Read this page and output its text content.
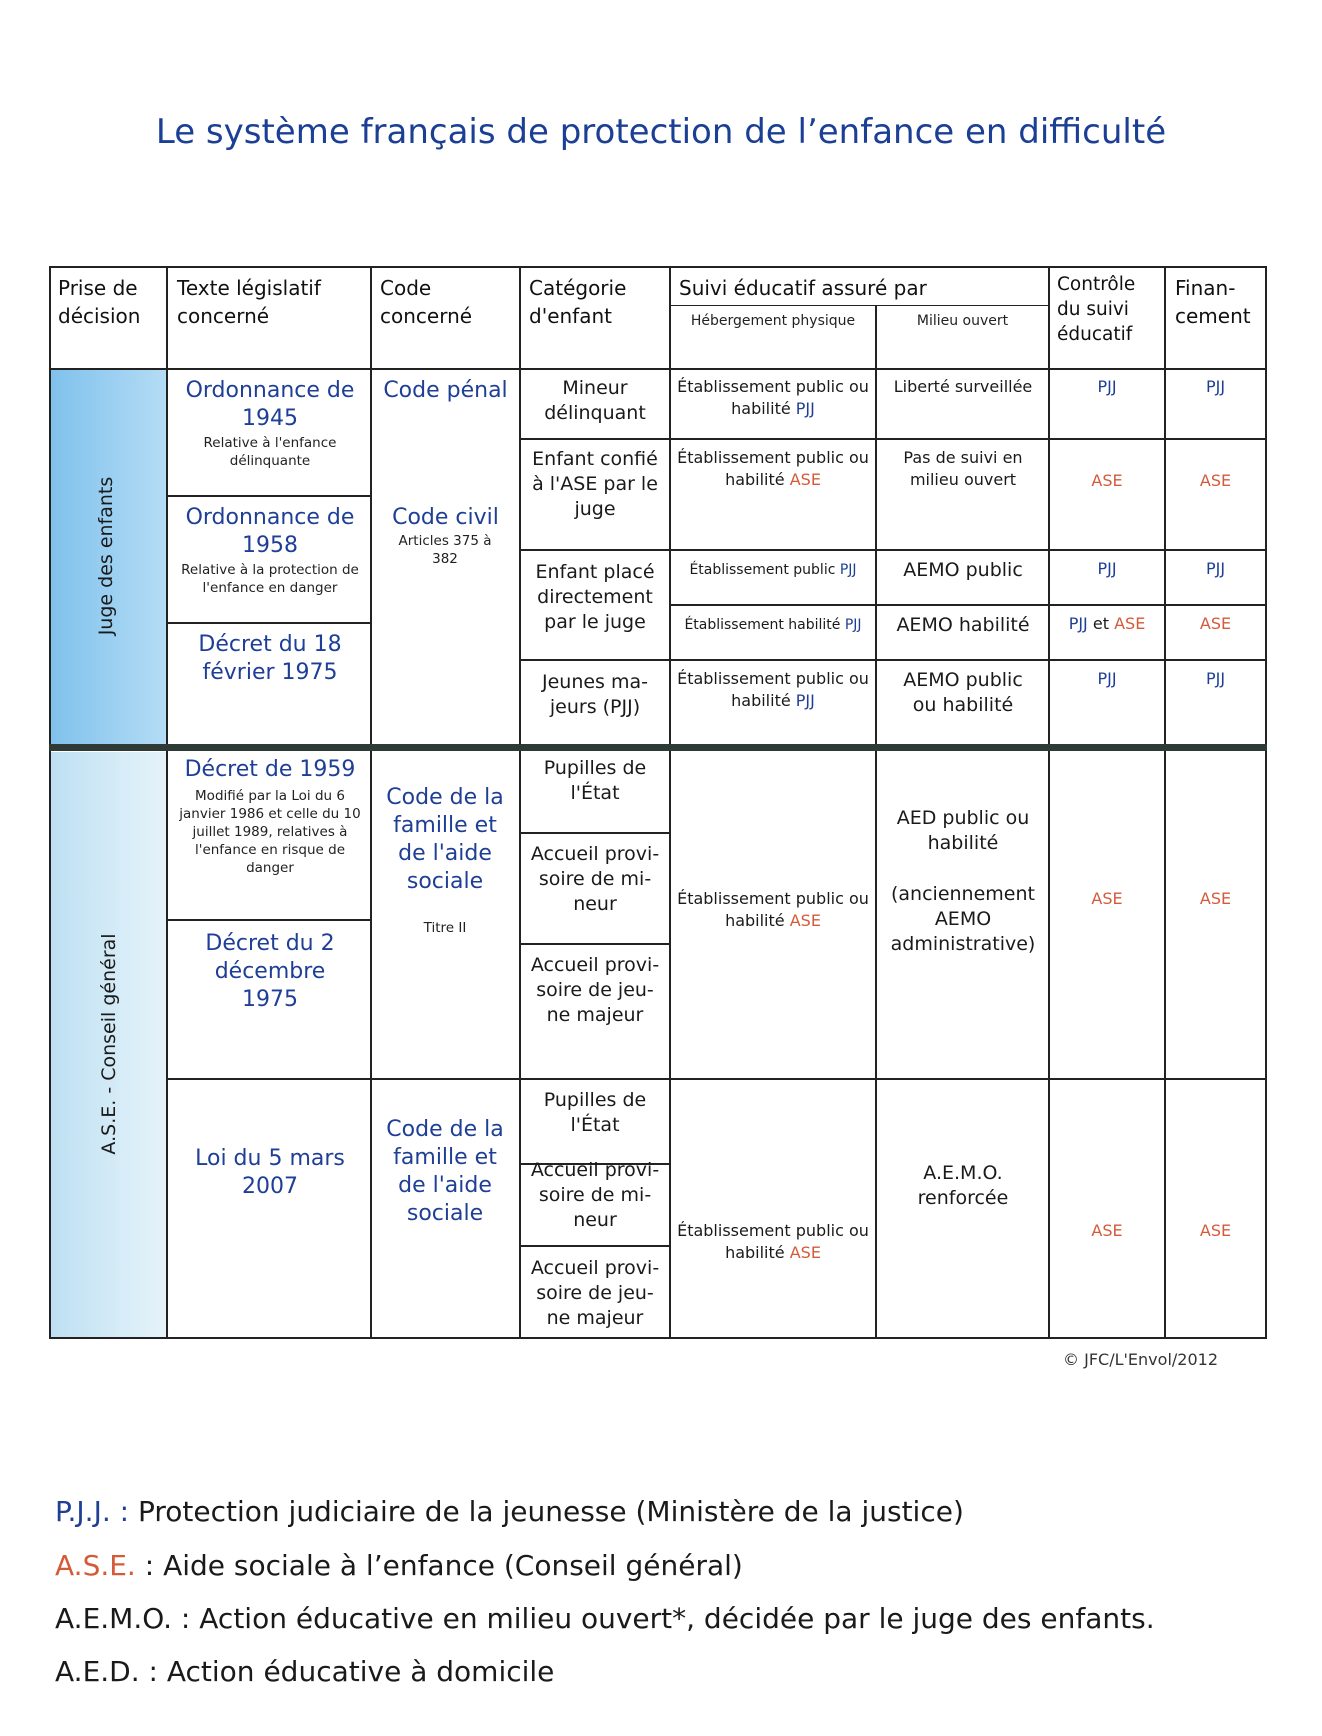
Le système français de protection de l’enfance en difficulté
Prise de décision
Texte législatif concerné
Code concerné
Catégorie d'enfant
Suivi éducatif assuré par
Hébergement physique	Milieu ouvert
Contrôle du suivi éducatif
Finan-cement
Juge des enfants
A.S.E. - Conseil général
Ordonnance de 1945
Relative à l'enfance délinquante
Ordonnance de 1958
Relative à la protection de l'enfance en danger
Décret du 18 février 1975
Décret de 1959
Modifié par la Loi du 6 janvier 1986 et celle du 10 juillet 1989, relatives à l'enfance en risque de danger
Décret du 2 décembre 1975
Loi du 5 mars 2007
Code pénal
Code civil
Articles 375 à 382
Code de la famille et de l'aide sociale
Titre II
Code de la famille et de l'aide sociale
Mineur délinquant
Enfant confié à l'ASE par le juge
Enfant placé directement par le juge
Jeunes ma-jeurs (PJJ)
Pupilles de l'État
Accueil provi-soire de mi-neur
Accueil provi-soire de jeu-ne majeur
Pupilles de l'État
Accueil provi-soire de mi-neur
Accueil provi-soire de jeu-ne majeur
Établissement public ou habilité PJJ
Établissement public ou habilité ASE
Établissement public PJJ
Établissement habilité PJJ
Établissement public ou habilité PJJ
Établissement public ou habilité ASE
Établissement public ou habilité ASE
Liberté surveillée
Pas de suivi en milieu ouvert
AEMO public
AEMO habilité
AEMO public ou habilité
AED public ou habilité
(anciennement AEMO administrative)
A.E.M.O. renforcée
PJJ
ASE
PJJ
PJJ et ASE
PJJ
ASE
ASE
PJJ
ASE
PJJ
ASE
PJJ
ASE
ASE
© JFC/L'Envol/2012
P.J.J. : Protection judiciaire de la jeunesse (Ministère de la justice)
A.S.E. : Aide sociale à l’enfance (Conseil général)
A.E.M.O. : Action éducative en milieu ouvert*, décidée par le juge des enfants.
A.E.D. : Action éducative à domicile
